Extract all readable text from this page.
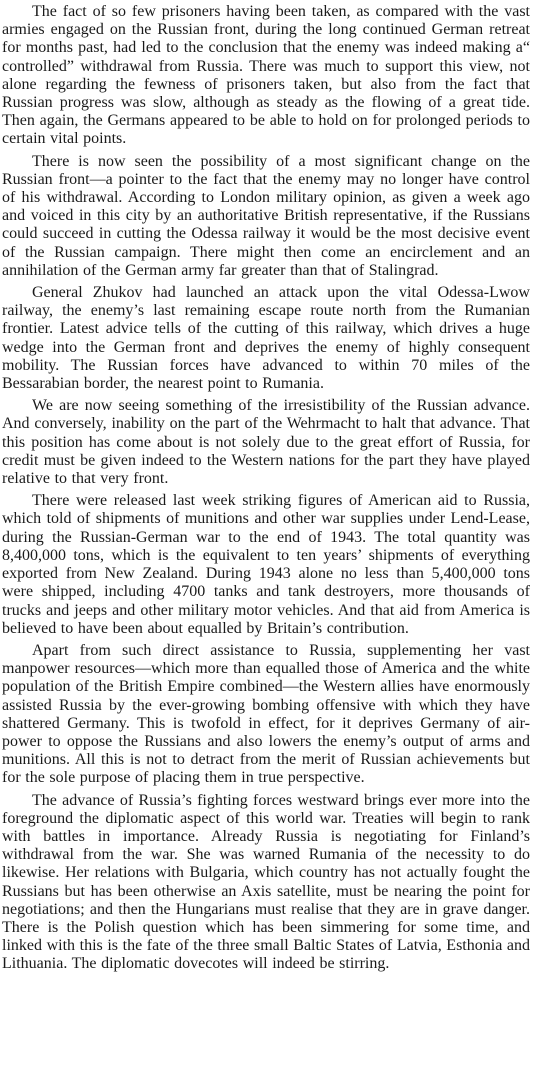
The fact of so few prisoners having been taken, as compared with the vast armies engaged on the Russian front, during the long continued German retreat for months past, had led to the conclusion that the enemy was indeed making a“ controlled” withdrawal from Russia. There was much to support this view, not alone regarding the fewness of prisoners taken, but also from the fact that Russian progress was slow, although as steady as the flowing of a great tide. Then again, the Germans appeared to be able to hold on for prolonged periods to certain vital points.

There is now seen the possibility of a most significant change on the Russian front—a pointer to the fact that the enemy may no longer have control of his withdrawal. According to London military opinion, as given a week ago and voiced in this city by an authoritative British representative, if the Russians could succeed in cutting the Odessa railway it would be the most decisive event of the Russian campaign. There might then come an encirclement and an annihilation of the German army far greater than that of Stalingrad.

General Zhukov had launched an attack upon the vital Odessa-Lwow railway, the enemy’s last remaining escape route north from the Rumanian frontier. Latest advice tells of the cutting of this railway, which drives a huge wedge into the German front and deprives the enemy of highly consequent mobility. The Russian forces have advanced to within 70 miles of the Bessarabian border, the nearest point to Rumania.

We are now seeing something of the irresistibility of the Russian advance. And conversely, inability on the part of the Wehrmacht to halt that advance. That this position has come about is not solely due to the great effort of Russia, for credit must be given indeed to the Western nations for the part they have played relative to that very front.

There were released last week striking figures of American aid to Russia, which told of shipments of munitions and other war supplies under Lend-Lease, during the Russian-German war to the end of 1943. The total quantity was 8,400,000 tons, which is the equivalent to ten years’ shipments of everything exported from New Zealand. During 1943 alone no less than 5,400,000 tons were shipped, including 4700 tanks and tank destroyers, more thousands of trucks and jeeps and other military motor vehicles. And that aid from America is believed to have been about equalled by Britain’s contribution.

Apart from such direct assistance to Russia, supplementing her vast manpower resources—which more than equalled those of America and the white population of the British Empire combined—the Western allies have enormously assisted Russia by the ever-growing bombing offensive with which they have shattered Germany. This is twofold in effect, for it deprives Germany of air-power to oppose the Russians and also lowers the enemy’s output of arms and munitions. All this is not to detract from the merit of Russian achievements but for the sole purpose of placing them in true perspective.

The advance of Russia’s fighting forces westward brings ever more into the foreground the diplomatic aspect of this world war. Treaties will begin to rank with battles in importance. Already Russia is negotiating for Finland’s withdrawal from the war. She was warned Rumania of the necessity to do likewise. Her relations with Bulgaria, which country has not actually fought the Russians but has been otherwise an Axis satellite, must be nearing the point for negotiations; and then the Hungarians must realise that they are in grave danger. There is the Polish question which has been simmering for some time, and linked with this is the fate of the three small Baltic States of Latvia, Esthonia and Lithuania. The diplomatic dovecotes will indeed be stirring.
